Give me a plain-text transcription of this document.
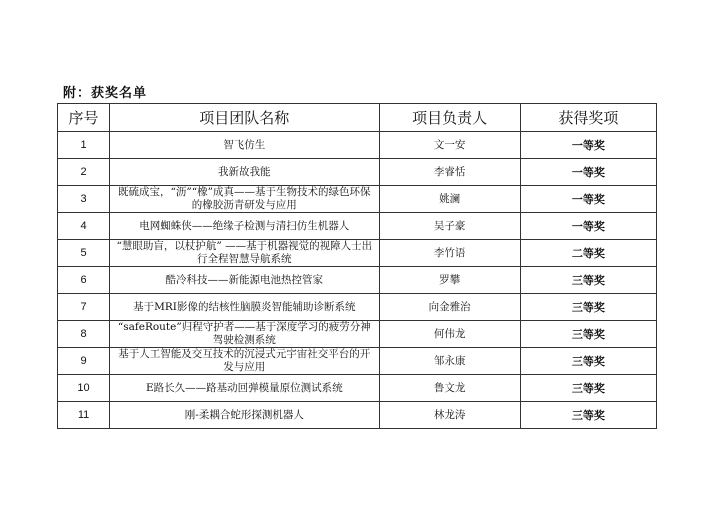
附：获奖名单
序号	项目团队名称	项目负责人	获得奖项
1	智飞仿生	文一安	一等奖
2	我新故我能	李睿恬	一等奖
3	既硫成宝，“沥”“橡”成真——基于生物技术的绿色环保的橡胶沥青研发与应用	姚澜	一等奖
4	电网蜘蛛侠——绝缘子检测与清扫仿生机器人	吴子豪	一等奖
5	“慧眼助盲，以杖护航” ——基于机器视觉的视障人士出行全程智慧导航系统	李竹语	二等奖
6	酷冷科技——新能源电池热控管家	罗攀	三等奖
7	基于MRI影像的结核性脑膜炎智能辅助诊断系统	向金雅治	三等奖
8	“safeRoute”归程守护者——基于深度学习的疲劳分神驾驶检测系统	何伟龙	三等奖
9	基于人工智能及交互技术的沉浸式元宇宙社交平台的开发与应用	邹永康	三等奖
10	E路长久——路基动回弹模量原位测试系统	鲁文龙	三等奖
11	刚-柔耦合蛇形探测机器人	林龙涛	三等奖
